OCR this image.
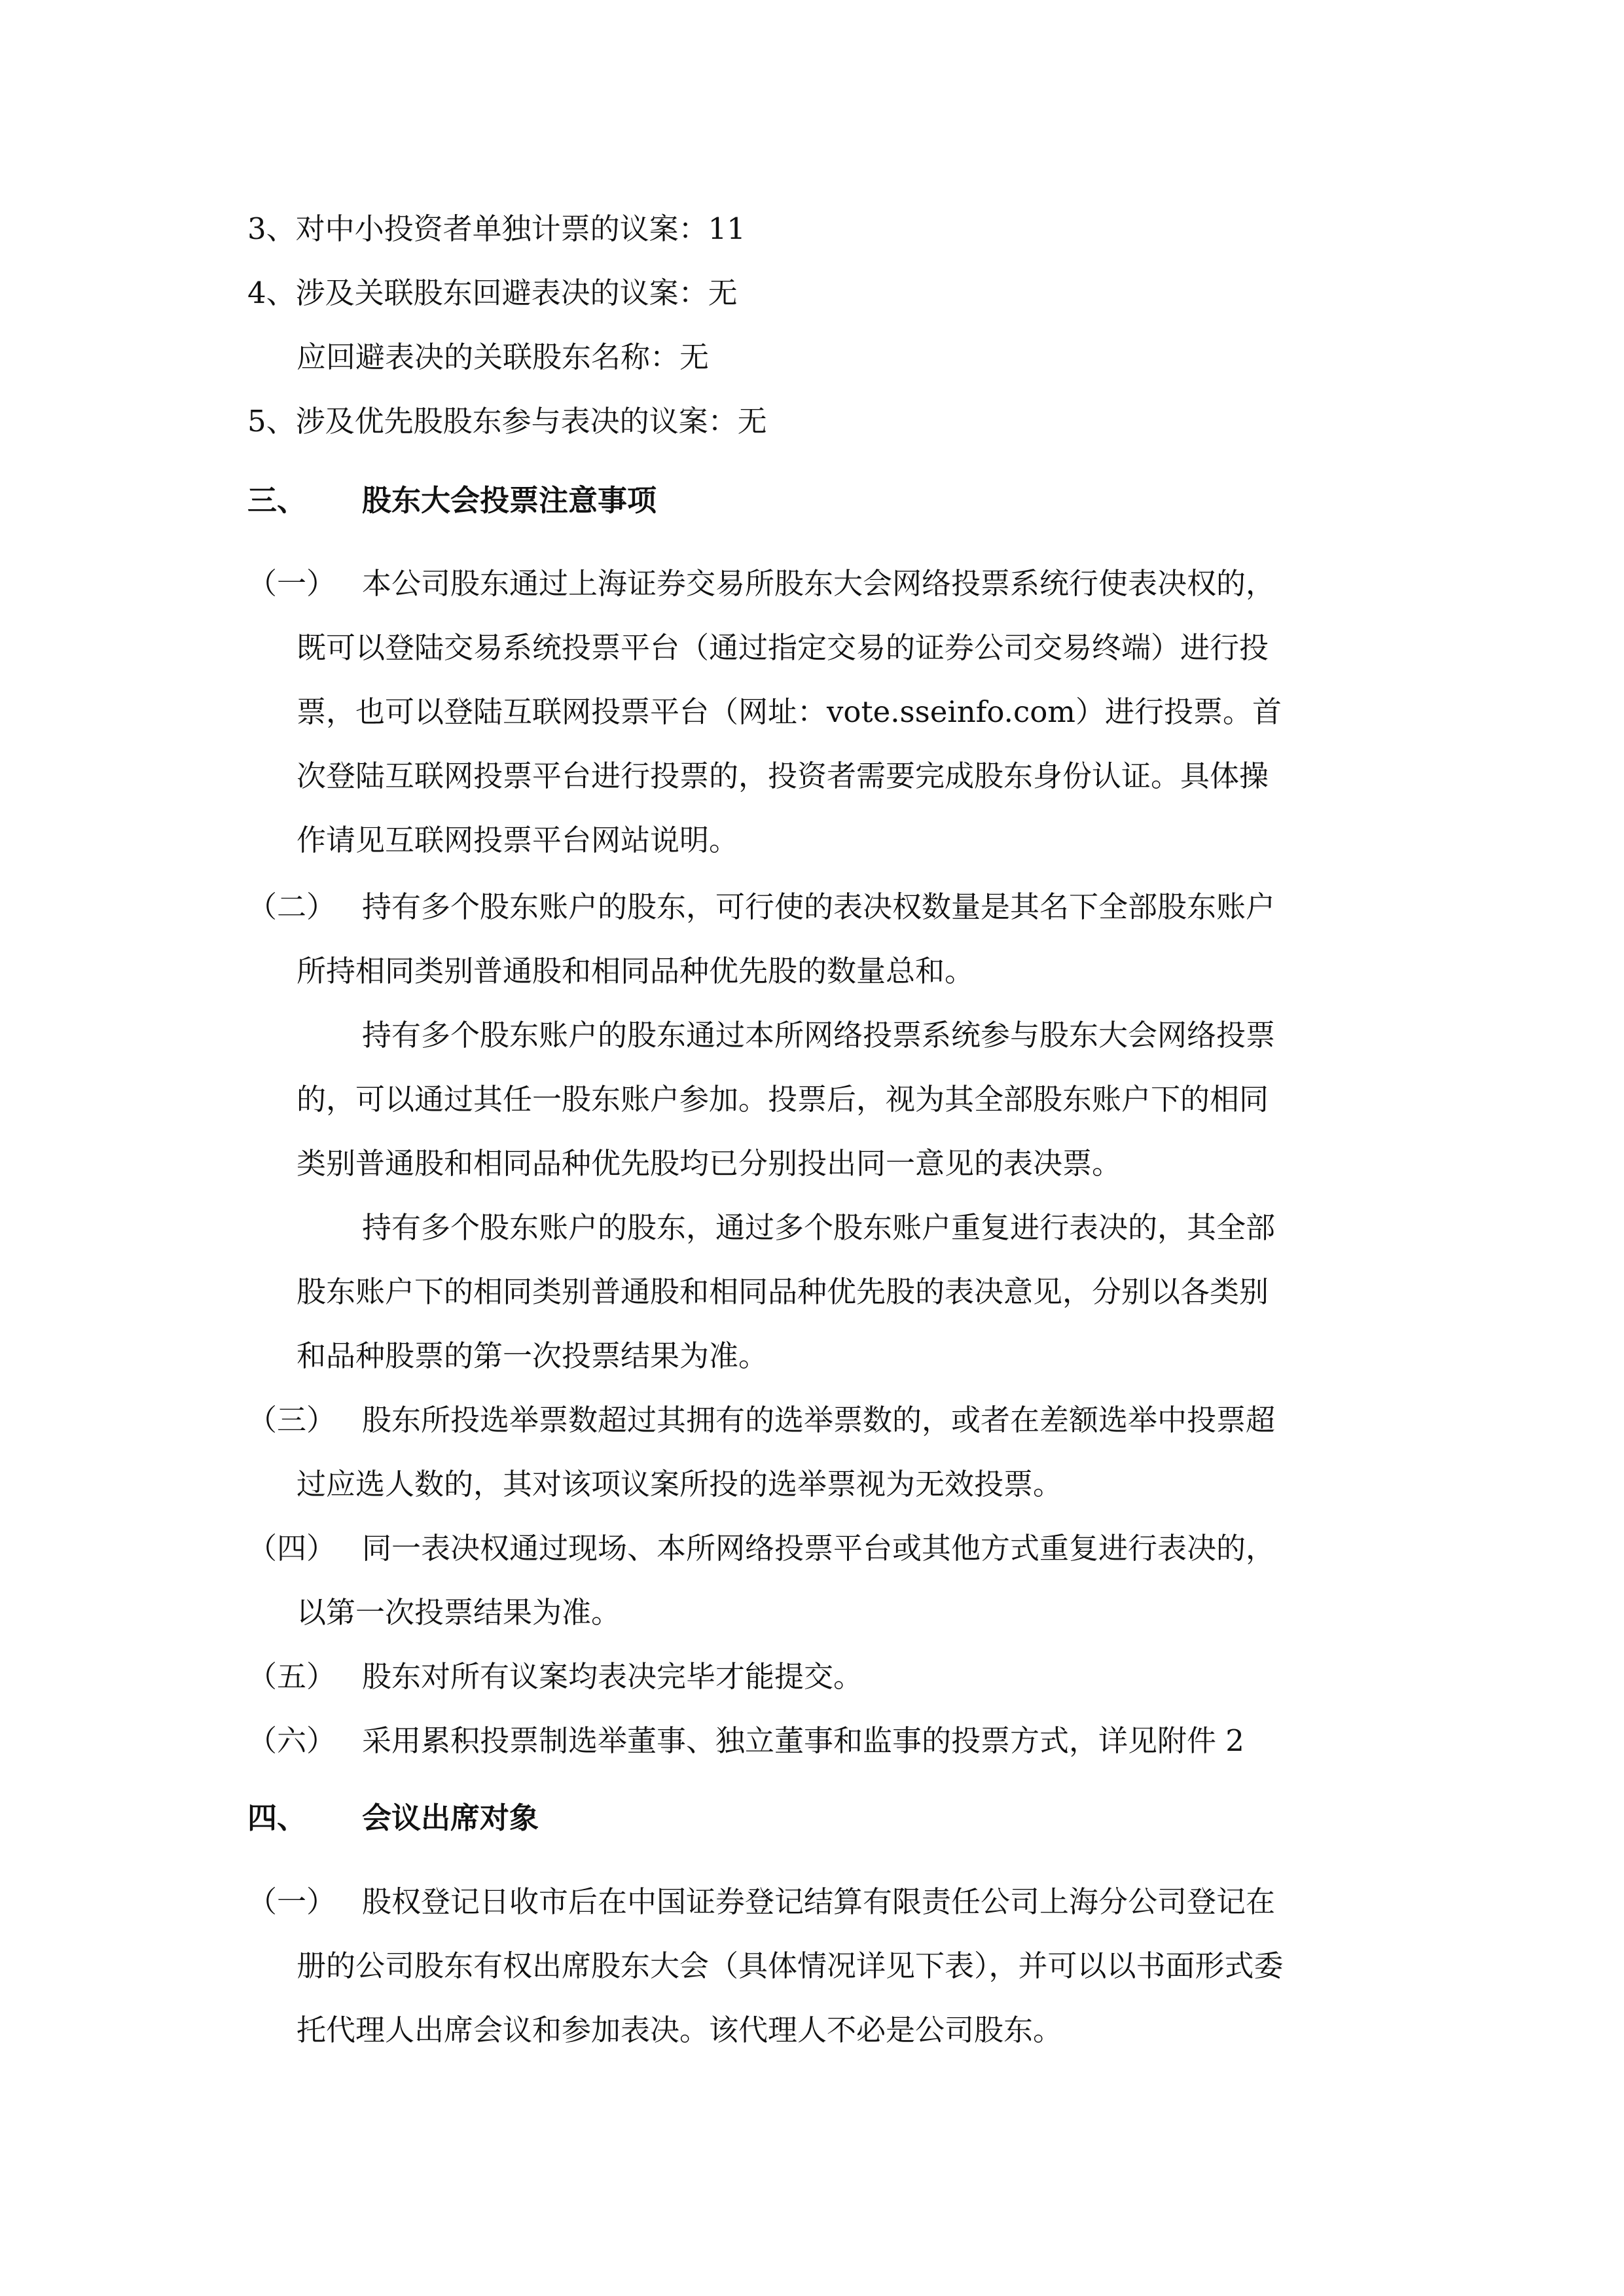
3、对中小投资者单独计票的议案：11
4、涉及关联股东回避表决的议案：无
应回避表决的关联股东名称：无
5、涉及优先股股东参与表决的议案：无
三、 股东大会投票注意事项
（一） 本公司股东通过上海证券交易所股东大会网络投票系统行使表决权的，
既可以登陆交易系统投票平台（通过指定交易的证券公司交易终端）进行投
票，也可以登陆互联网投票平台（网址：vote.sseinfo.com）进行投票。首
次登陆互联网投票平台进行投票的，投资者需要完成股东身份认证。具体操
作请见互联网投票平台网站说明。
（二） 持有多个股东账户的股东，可行使的表决权数量是其名下全部股东账户
所持相同类别普通股和相同品种优先股的数量总和。
持有多个股东账户的股东通过本所网络投票系统参与股东大会网络投票
的，可以通过其任一股东账户参加。投票后，视为其全部股东账户下的相同
类别普通股和相同品种优先股均已分别投出同一意见的表决票。
持有多个股东账户的股东，通过多个股东账户重复进行表决的，其全部
股东账户下的相同类别普通股和相同品种优先股的表决意见，分别以各类别
和品种股票的第一次投票结果为准。
（三） 股东所投选举票数超过其拥有的选举票数的，或者在差额选举中投票超
过应选人数的，其对该项议案所投的选举票视为无效投票。
（四） 同一表决权通过现场、本所网络投票平台或其他方式重复进行表决的，
以第一次投票结果为准。
（五） 股东对所有议案均表决完毕才能提交。
（六） 采用累积投票制选举董事、独立董事和监事的投票方式，详见附件 2
四、 会议出席对象
（一） 股权登记日收市后在中国证券登记结算有限责任公司上海分公司登记在
册的公司股东有权出席股东大会（具体情况详见下表），并可以以书面形式委
托代理人出席会议和参加表决。该代理人不必是公司股东。
